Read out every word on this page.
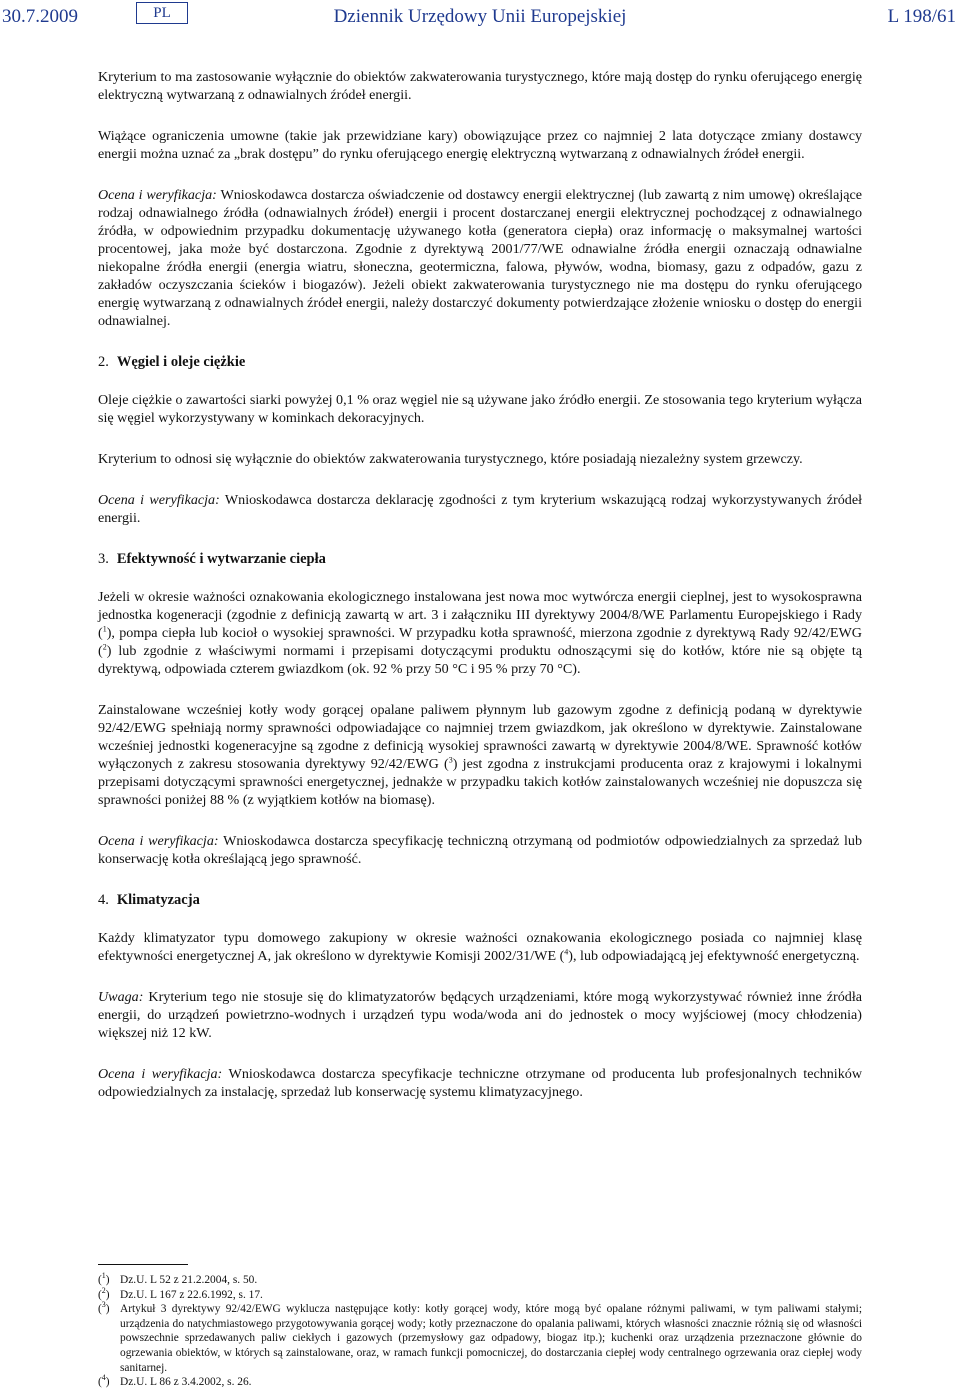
30.7.2009	PL	Dziennik Urzędowy Unii Europejskiej	L 198/61

Kryterium to ma zastosowanie wyłącznie do obiektów zakwaterowania turystycznego, które mają dostęp do rynku oferującego energię elektryczną wytwarzaną z odnawialnych źródeł energii.

Wiążące ograniczenia umowne (takie jak przewidziane kary) obowiązujące przez co najmniej 2 lata dotyczące zmiany dostawcy energii można uznać za „brak dostępu” do rynku oferującego energię elektryczną wytwarzaną z odnawialnych źródeł energii.

Ocena i weryfikacja: Wnioskodawca dostarcza oświadczenie od dostawcy energii elektrycznej (lub zawartą z nim umowę) określające rodzaj odnawialnego źródła (odnawialnych źródeł) energii i procent dostarczanej energii elektrycznej pochodzącej z odnawialnego źródła, w odpowiednim przypadku dokumentację używanego kotła (generatora ciepła) oraz informację o maksymalnej wartości procentowej, jaka może być dostarczona. Zgodnie z dyrektywą 2001/77/WE odnawialne źródła energii oznaczają odnawialne niekopalne źródła energii (energia wiatru, słoneczna, geotermiczna, falowa, pływów, wodna, biomasy, gazu z odpadów, gazu z zakładów oczyszczania ścieków i biogazów). Jeżeli obiekt zakwaterowania turystycznego nie ma dostępu do rynku oferującego energię wytwarzaną z odnawialnych źródeł energii, należy dostarczyć dokumenty potwierdzające złożenie wniosku o dostęp do energii odnawialnej.

2. Węgiel i oleje ciężkie

Oleje ciężkie o zawartości siarki powyżej 0,1 % oraz węgiel nie są używane jako źródło energii. Ze stosowania tego kryterium wyłącza się węgiel wykorzystywany w kominkach dekoracyjnych.

Kryterium to odnosi się wyłącznie do obiektów zakwaterowania turystycznego, które posiadają niezależny system grzewczy.

Ocena i weryfikacja: Wnioskodawca dostarcza deklarację zgodności z tym kryterium wskazującą rodzaj wykorzystywanych źródeł energii.

3. Efektywność i wytwarzanie ciepła

Jeżeli w okresie ważności oznakowania ekologicznego instalowana jest nowa moc wytwórcza energii cieplnej, jest to wysokosprawna jednostka kogeneracji (zgodnie z definicją zawartą w art. 3 i załączniku III dyrektywy 2004/8/WE Parlamentu Europejskiego i Rady ($^1$), pompa ciepła lub kocioł o wysokiej sprawności. W przypadku kotła sprawność, mierzona zgodnie z dyrektywą Rady 92/42/EWG ($^2$) lub zgodnie z właściwymi normami i przepisami dotyczącymi produktu odnoszącymi się do kotłów, które nie są objęte tą dyrektywą, odpowiada czterem gwiazdkom (ok. 92 % przy 50 °C i 95 % przy 70 °C).

Zainstalowane wcześniej kotły wody gorącej opalane paliwem płynnym lub gazowym zgodne z definicją podaną w dyrektywie 92/42/EWG spełniają normy sprawności odpowiadające co najmniej trzem gwiazdkom, jak określono w dyrektywie. Zainstalowane wcześniej jednostki kogeneracyjne są zgodne z definicją wysokiej sprawności zawartą w dyrektywie 2004/8/WE. Sprawność kotłów wyłączonych z zakresu stosowania dyrektywy 92/42/EWG ($^3$) jest zgodna z instrukcjami producenta oraz z krajowymi i lokalnymi przepisami dotyczącymi sprawności energetycznej, jednakże w przypadku takich kotłów zainstalowanych wcześniej nie dopuszcza się sprawności poniżej 88 % (z wyjątkiem kotłów na biomasę).

Ocena i weryfikacja: Wnioskodawca dostarcza specyfikację techniczną otrzymaną od podmiotów odpowiedzialnych za sprzedaż lub konserwację kotła określającą jego sprawność.

4. Klimatyzacja

Każdy klimatyzator typu domowego zakupiony w okresie ważności oznakowania ekologicznego posiada co najmniej klasę efektywności energetycznej A, jak określono w dyrektywie Komisji 2002/31/WE ($^4$), lub odpowiadającą jej efektywność energetyczną.

Uwaga: Kryterium tego nie stosuje się do klimatyzatorów będących urządzeniami, które mogą wykorzystywać również inne źródła energii, do urządzeń powietrzno-wodnych i urządzeń typu woda/woda ani do jednostek o mocy wyjściowej (mocy chłodzenia) większej niż 12 kW.

Ocena i weryfikacja: Wnioskodawca dostarcza specyfikacje techniczne otrzymane od producenta lub profesjonalnych techników odpowiedzialnych za instalację, sprzedaż lub konserwację systemu klimatyzacyjnego.

($^1$) Dz.U. L 52 z 21.2.2004, s. 50.
($^2$) Dz.U. L 167 z 22.6.1992, s. 17.
($^3$) Artykuł 3 dyrektywy 92/42/EWG wyklucza następujące kotły: kotły gorącej wody, które mogą być opalane różnymi paliwami, w tym paliwami stałymi; urządzenia do natychmiastowego przygotowywania gorącej wody; kotły przeznaczone do opalania paliwami, których własności znacznie różnią się od własności powszechnie sprzedawanych paliw ciekłych i gazowych (przemysłowy gaz odpadowy, biogaz itp.); kuchenki oraz urządzenia przeznaczone głównie do ogrzewania obiektów, w których są zainstalowane, oraz, w ramach funkcji pomocniczej, do dostarczania ciepłej wody centralnego ogrzewania oraz ciepłej wody sanitarnej.
($^4$) Dz.U. L 86 z 3.4.2002, s. 26.
